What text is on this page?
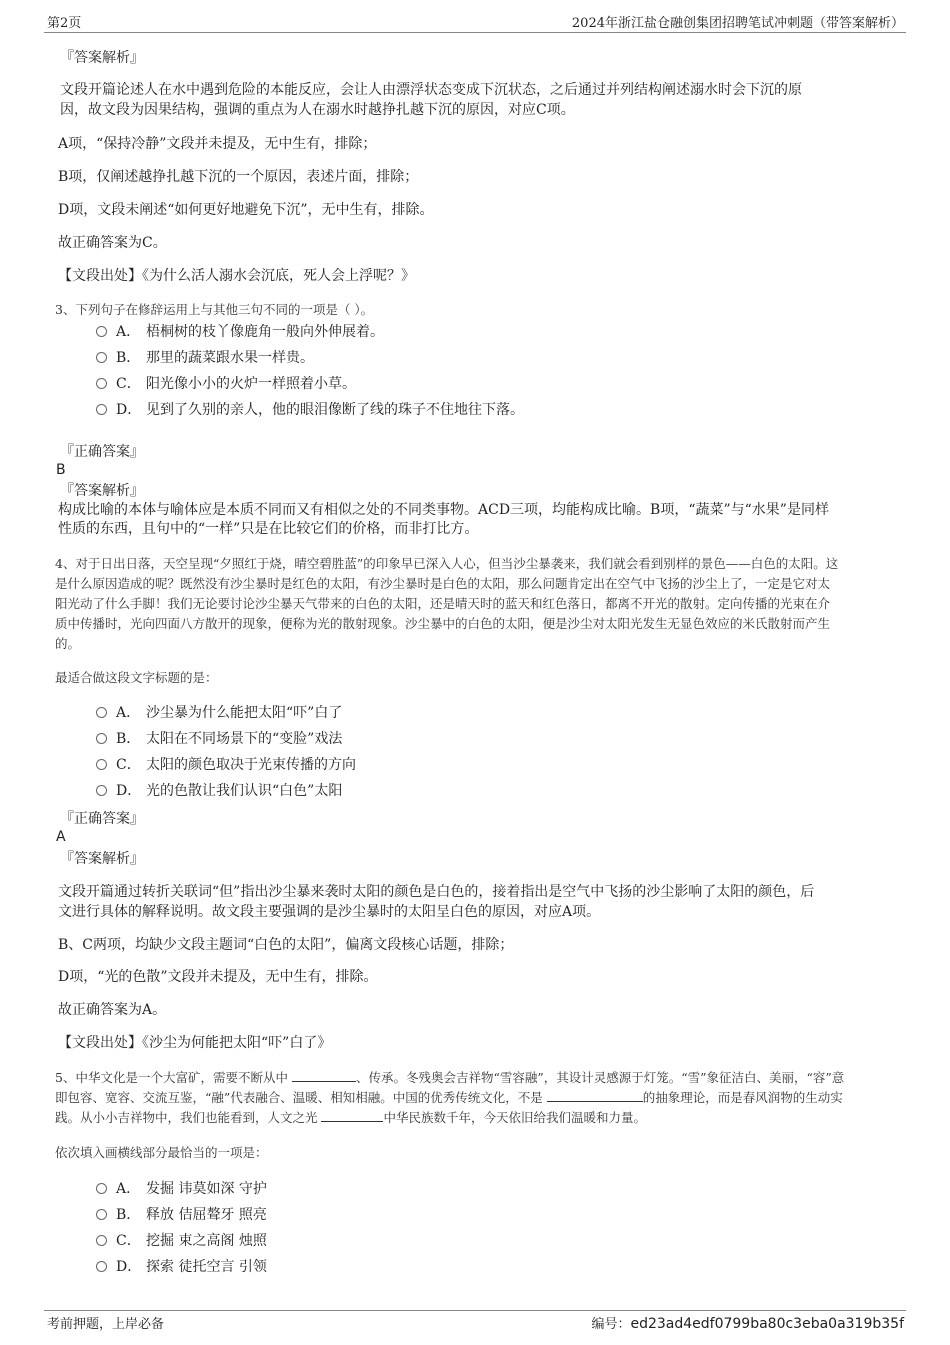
第2页	2024年浙江盐仓融创集团招聘笔试冲刺题（带答案解析）
『答案解析』
文段开篇论述人在水中遇到危险的本能反应，会让人由漂浮状态变成下沉状态，之后通过并列结构阐述溺水时会下沉的原
因，故文段为因果结构，强调的重点为人在溺水时越挣扎越下沉的原因，对应C项。
A项，“保持冷静”文段并未提及，无中生有，排除；
B项，仅阐述越挣扎越下沉的一个原因，表述片面，排除；
D项，文段未阐述“如何更好地避免下沉”，无中生有，排除。
故正确答案为C。
【文段出处】《为什么活人溺水会沉底，死人会上浮呢？》
3、下列句子在修辞运用上与其他三句不同的一项是（ ）。
A． 梧桐树的枝丫像鹿角一般向外伸展着。
B． 那里的蔬菜跟水果一样贵。
C． 阳光像小小的火炉一样照着小草。
D． 见到了久别的亲人，他的眼泪像断了线的珠子不住地往下落。
『正确答案』
B
『答案解析』
构成比喻的本体与喻体应是本质不同而又有相似之处的不同类事物。ACD三项，均能构成比喻。B项，“蔬菜”与“水果”是同样
性质的东西，且句中的“一样”只是在比较它们的价格，而非打比方。
4、对于日出日落，天空呈现“夕照红于烧，晴空碧胜蓝”的印象早已深入人心，但当沙尘暴袭来，我们就会看到别样的景色——白色的太阳。这
是什么原因造成的呢？既然没有沙尘暴时是红色的太阳，有沙尘暴时是白色的太阳，那么问题肯定出在空气中飞扬的沙尘上了，一定是它对太
阳光动了什么手脚！我们无论要讨论沙尘暴天气带来的白色的太阳，还是晴天时的蓝天和红色落日，都离不开光的散射。定向传播的光束在介
质中传播时，光向四面八方散开的现象，便称为光的散射现象。沙尘暴中的白色的太阳，便是沙尘对太阳光发生无显色效应的米氏散射而产生
的。
最适合做这段文字标题的是：
A． 沙尘暴为什么能把太阳“吓”白了
B． 太阳在不同场景下的“变脸”戏法
C． 太阳的颜色取决于光束传播的方向
D． 光的色散让我们认识“白色”太阳
『正确答案』
A
『答案解析』
文段开篇通过转折关联词“但”指出沙尘暴来袭时太阳的颜色是白色的，接着指出是空气中飞扬的沙尘影响了太阳的颜色，后
文进行具体的解释说明。故文段主要强调的是沙尘暴时的太阳呈白色的原因，对应A项。
B、C两项，均缺少文段主题词“白色的太阳”，偏离文段核心话题，排除；
D项，“光的色散”文段并未提及，无中生有，排除。
故正确答案为A。
【文段出处】《沙尘为何能把太阳“吓”白了》
5、中华文化是一个大富矿，需要不断从中	、传承。冬残奥会吉祥物“雪容融”，其设计灵感源于灯笼。“雪”象征洁白、美丽，“容”意
即包容、宽容、交流互鉴，“融”代表融合、温暖、相知相融。中国的优秀传统文化，不是	的抽象理论，而是春风润物的生动实
践。从小小吉祥物中，我们也能看到，人文之光	中华民族数千年，今天依旧给我们温暖和力量。
依次填入画横线部分最恰当的一项是：
A． 发掘 讳莫如深 守护
B． 释放 佶屈聱牙 照亮
C． 挖掘 束之高阁 烛照
D． 探索 徒托空言 引领
考前押题，上岸必备	编号：ed23ad4edf0799ba80c3eba0a319b35f
